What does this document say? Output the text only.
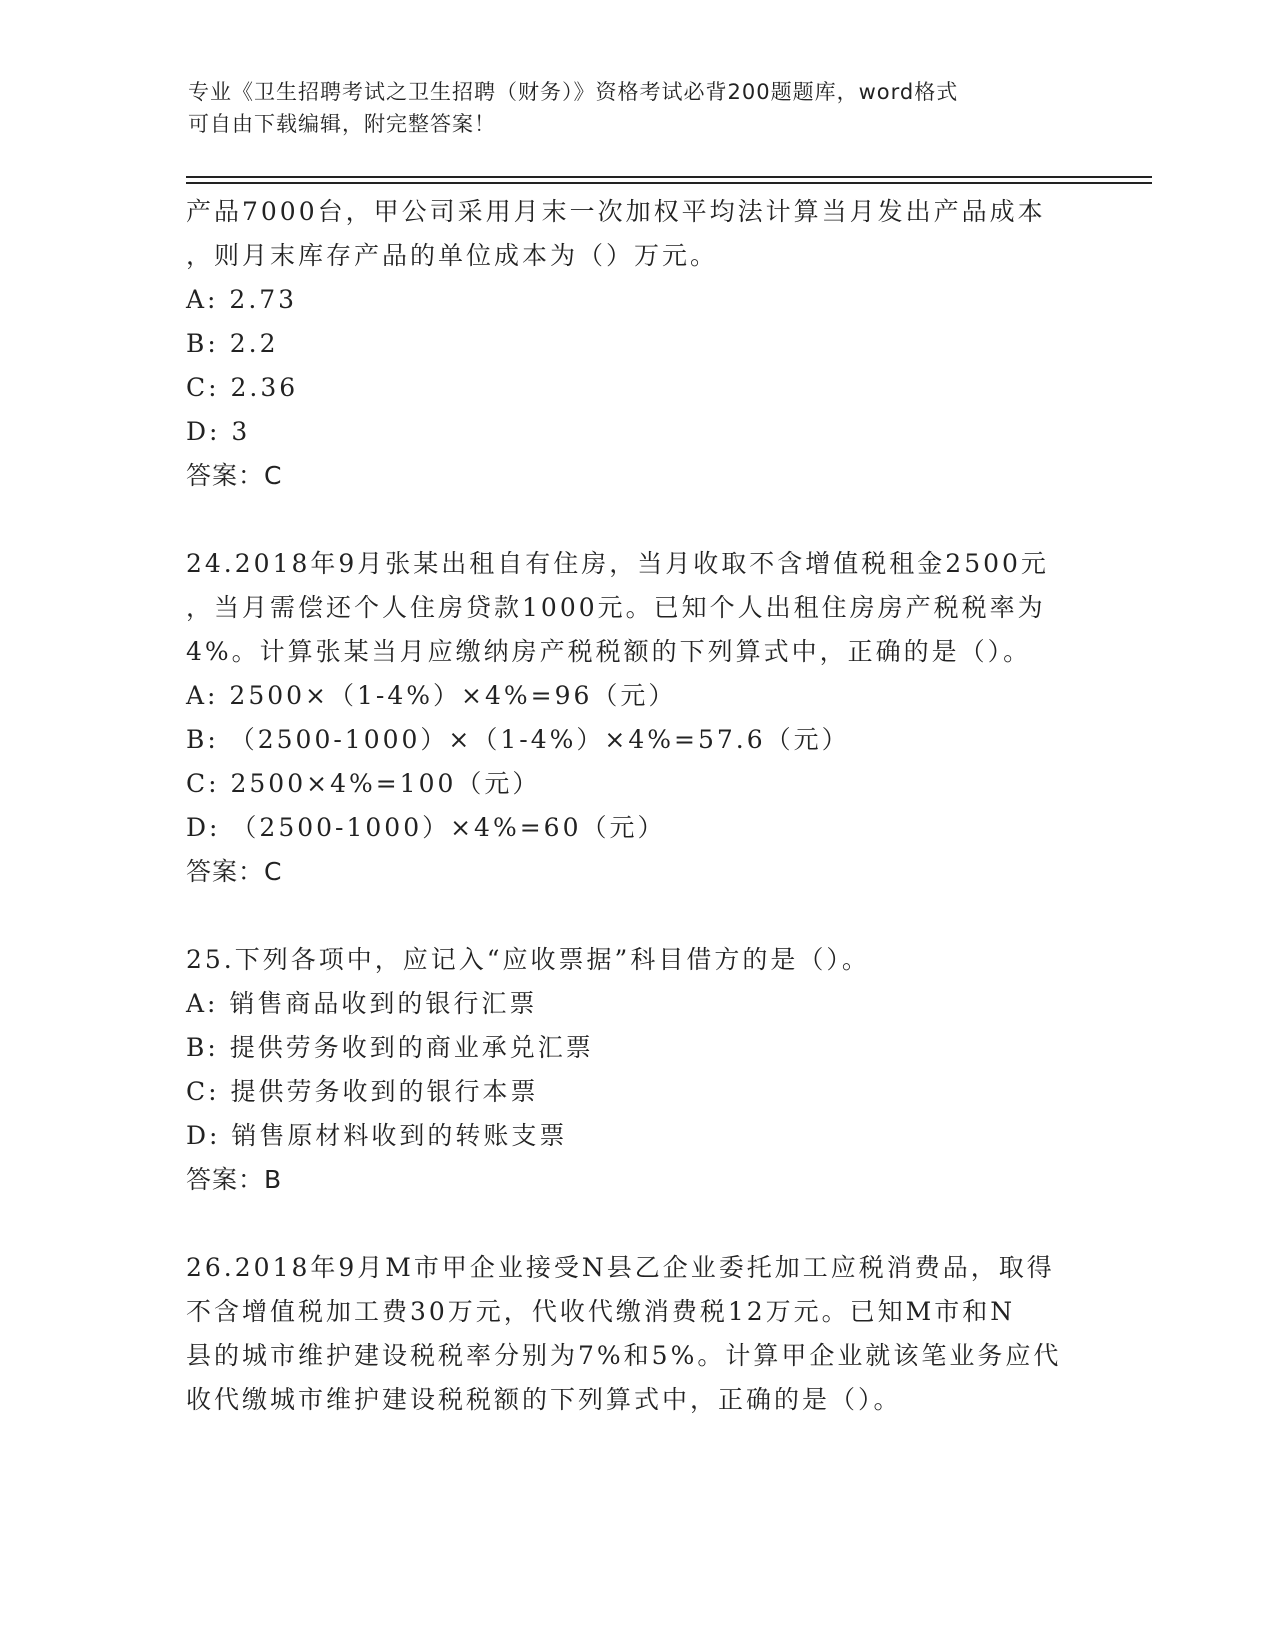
专业《卫生招聘考试之卫生招聘（财务）》资格考试必背200题题库，word格式
可自由下载编辑，附完整答案！
产品7000台，甲公司采用月末一次加权平均法计算当月发出产品成本
，则月末库存产品的单位成本为（）万元。
A: 2.73
B: 2.2
C: 2.36
D: 3
答案：C
24.2018年9月张某出租自有住房，当月收取不含增值税租金2500元
，当月需偿还个人住房贷款1000元。已知个人出租住房房产税税率为
4%。计算张某当月应缴纳房产税税额的下列算式中，正确的是（）。
A: 2500×（1-4%）×4%=96（元）
B: （2500-1000）×（1-4%）×4%=57.6（元）
C: 2500×4%=100（元）
D: （2500-1000）×4%=60（元）
答案：C
25.下列各项中，应记入“应收票据”科目借方的是（）。
A: 销售商品收到的银行汇票
B: 提供劳务收到的商业承兑汇票
C: 提供劳务收到的银行本票
D: 销售原材料收到的转账支票
答案：B
26.2018年9月M市甲企业接受N县乙企业委托加工应税消费品，取得
不含增值税加工费30万元，代收代缴消费税12万元。已知M市和N
县的城市维护建设税税率分别为7%和5%。计算甲企业就该笔业务应代
收代缴城市维护建设税税额的下列算式中，正确的是（）。
